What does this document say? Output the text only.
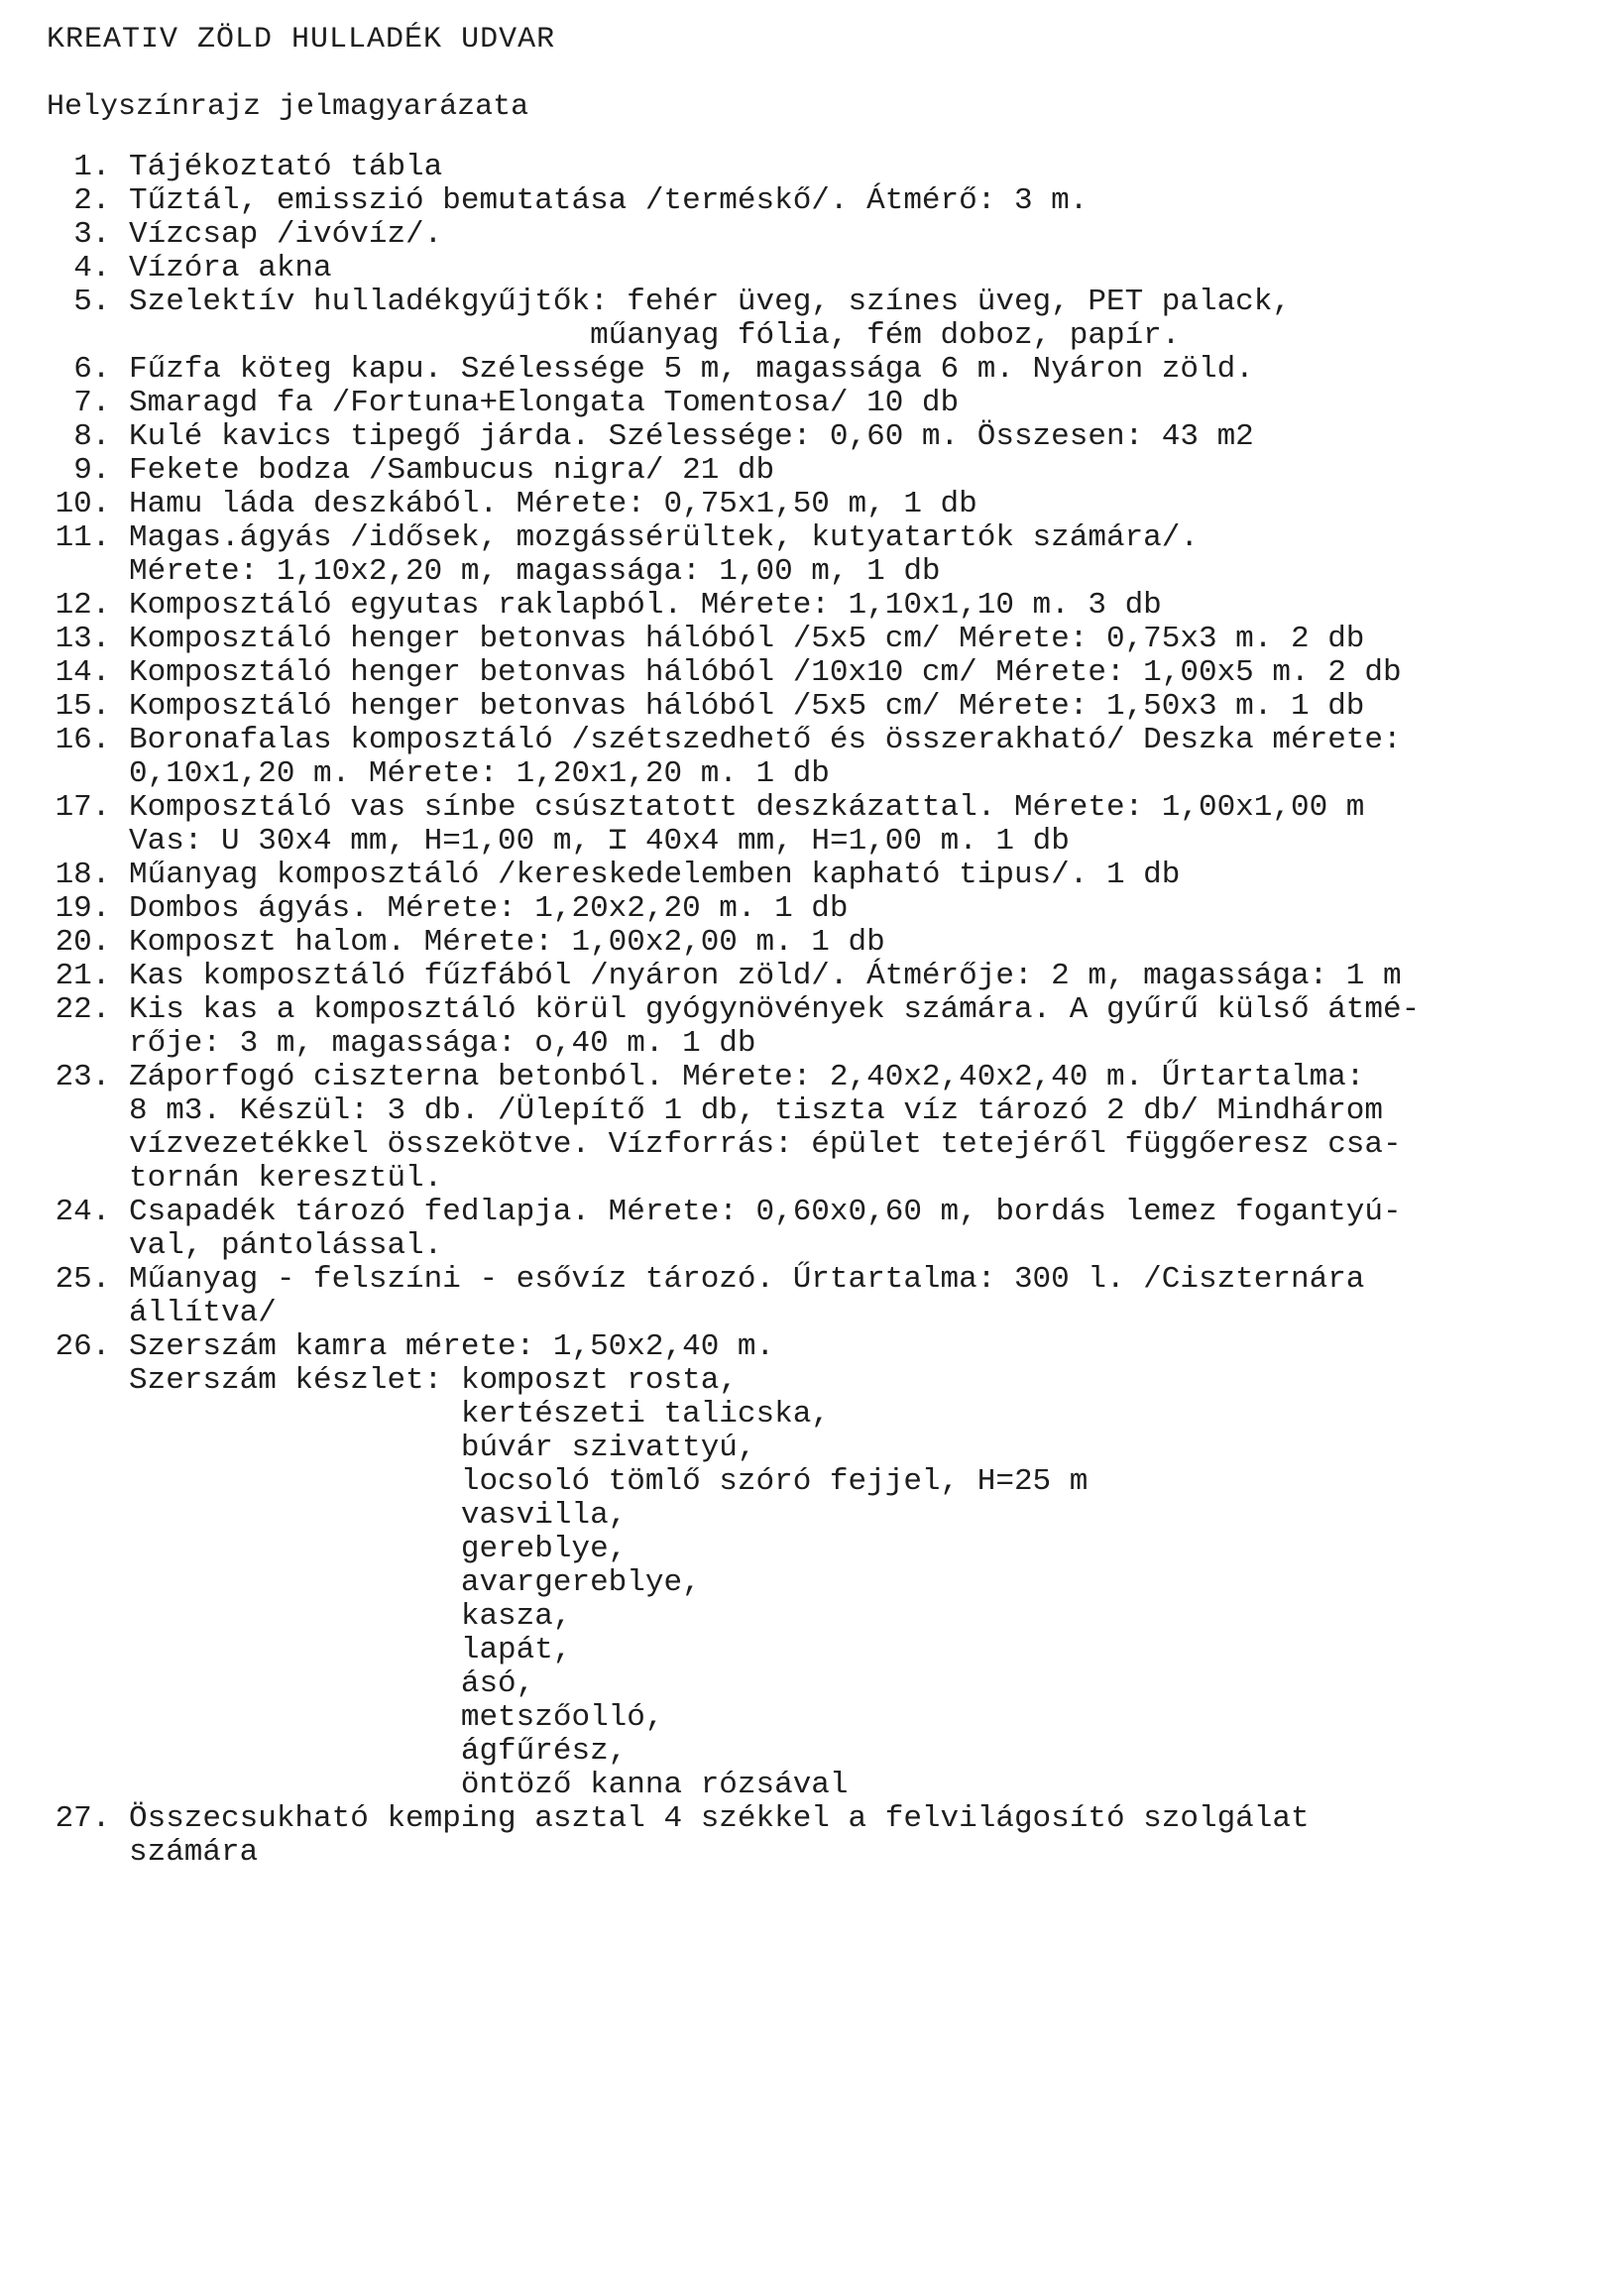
KREATIV ZÖLD HULLADÉK UDVAR
Helyszínrajz jelmagyarázata
1. Tájékoztató tábla
2. Tűztál, emisszió bemutatása /terméskő/. Átmérő: 3 m.
3. Vízcsap /ivóvíz/.
4. Vízóra akna
5. Szelektív hulladékgyűjtők: fehér üveg, színes üveg, PET palack,
műanyag fólia, fém doboz, papír.
6. Fűzfa köteg kapu. Szélessége 5 m, magassága 6 m. Nyáron zöld.
7. Smaragd fa /Fortuna+Elongata Tomentosa/ 10 db
8. Kulé kavics tipegő járda. Szélessége: 0,60 m. Összesen: 43 m2
9. Fekete bodza /Sambucus nigra/ 21 db
10. Hamu láda deszkából. Mérete: 0,75x1,50 m, 1 db
11. Magas.ágyás /idősek, mozgássérültek, kutyatartók számára/.
Mérete: 1,10x2,20 m, magassága: 1,00 m, 1 db
12. Komposztáló egyutas raklapból. Mérete: 1,10x1,10 m. 3 db
13. Komposztáló henger betonvas hálóból /5x5 cm/ Mérete: 0,75x3 m. 2 db
14. Komposztáló henger betonvas hálóból /10x10 cm/ Mérete: 1,00x5 m. 2 db
15. Komposztáló henger betonvas hálóból /5x5 cm/ Mérete: 1,50x3 m. 1 db
16. Boronafalas komposztáló /szétszedhető és összerakható/ Deszka mérete:
0,10x1,20 m. Mérete: 1,20x1,20 m. 1 db
17. Komposztáló vas sínbe csúsztatott deszkázattal. Mérete: 1,00x1,00 m
Vas: U 30x4 mm, H=1,00 m, ⌶ 40x4 mm, H=1,00 m. 1 db
18. Műanyag komposztáló /kereskedelemben kapható tipus/. 1 db
19. Dombos ágyás. Mérete: 1,20x2,20 m. 1 db
20. Komposzt halom. Mérete: 1,00x2,00 m. 1 db
21. Kas komposztáló fűzfából /nyáron zöld/. Átmérője: 2 m, magassága: 1 m
22. Kis kas a komposztáló körül gyógynövények számára. A gyűrű külső átmé-
rője: 3 m, magassága: o,40 m. 1 db
23. Záporfogó ciszterna betonból. Mérete: 2,40x2,40x2,40 m. Űrtartalma:
8 m3. Készül: 3 db. /Ülepítő 1 db, tiszta víz tározó 2 db/ Mindhárom
vízvezetékkel összekötve. Vízforrás: épület tetejéről függőeresz csa-
tornán keresztül.
24. Csapadék tározó fedlapja. Mérete: 0,60x0,60 m, bordás lemez fogantyú-
val, pántolással.
25. Műanyag - felszíni - esővíz tározó. Űrtartalma: 300 l. /Ciszternára
állítva/
26. Szerszám kamra mérete: 1,50x2,40 m.
Szerszám készlet: komposzt rosta,
kertészeti talicska,
búvár szivattyú,
locsoló tömlő szóró fejjel, H=25 m
vasvilla,
gereblye,
avargereblye,
kasza,
lapát,
ásó,
metszőolló,
ágfűrész,
öntöző kanna rózsával
27. Összecsukható kemping asztal 4 székkel a felvilágosító szolgálat
számára
